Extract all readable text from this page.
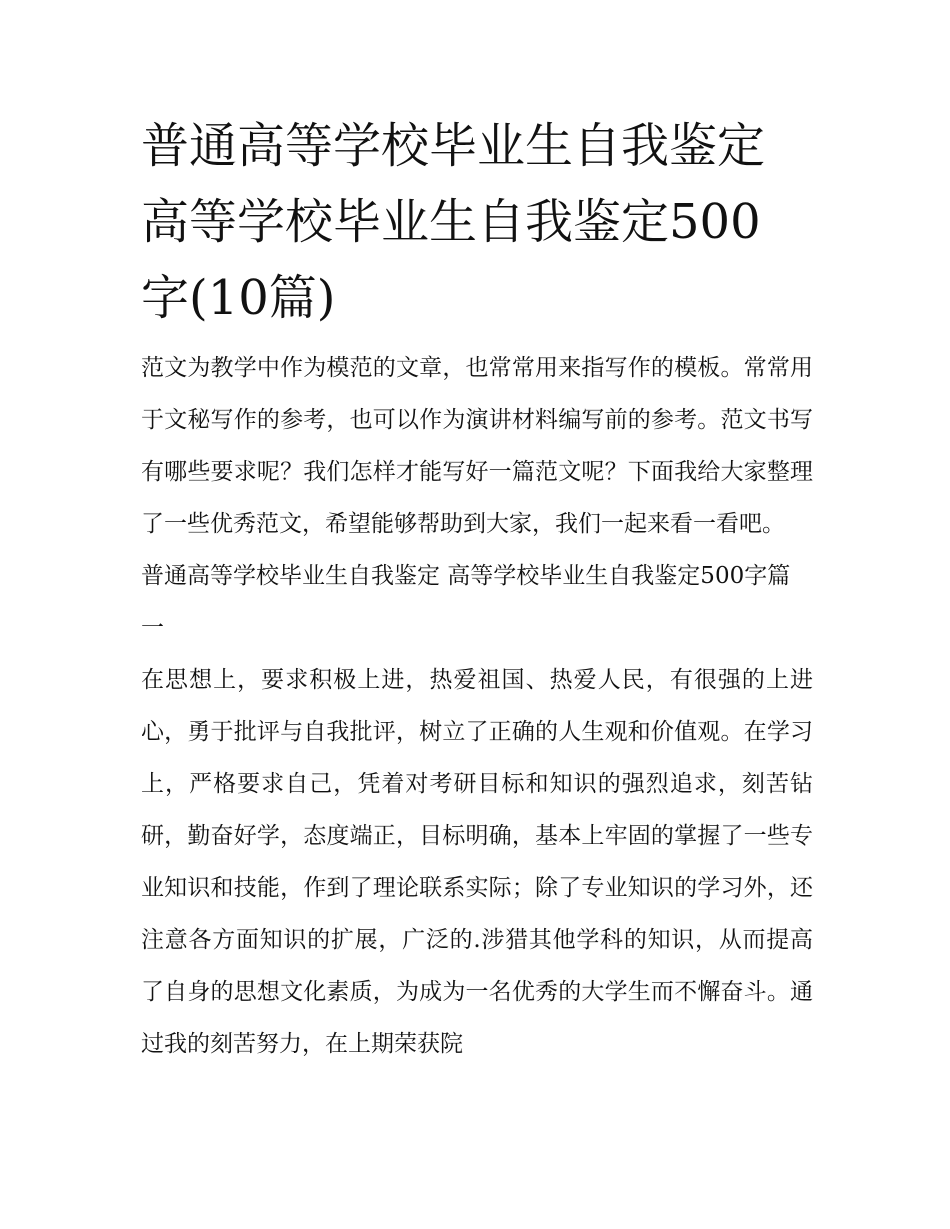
普通高等学校毕业生自我鉴定
高等学校毕业生自我鉴定500
字(10篇)

范文为教学中作为模范的文章，也常常用来指写作的模板。常常用于文秘写作的参考，也可以作为演讲材料编写前的参考。范文书写有哪些要求呢？我们怎样才能写好一篇范文呢？下面我给大家整理了一些优秀范文，希望能够帮助到大家，我们一起来看一看吧。

普通高等学校毕业生自我鉴定 高等学校毕业生自我鉴定500字篇一

在思想上，要求积极上进，热爱祖国、热爱人民，有很强的上进心，勇于批评与自我批评，树立了正确的人生观和价值观。在学习上，严格要求自己，凭着对考研目标和知识的强烈追求，刻苦钻研，勤奋好学，态度端正，目标明确，基本上牢固的掌握了一些专业知识和技能，作到了理论联系实际；除了专业知识的学习外，还注意各方面知识的扩展，广泛的.涉猎其他学科的知识，从而提高了自身的思想文化素质，为成为一名优秀的大学生而不懈奋斗。通过我的刻苦努力，在上期荣获院
